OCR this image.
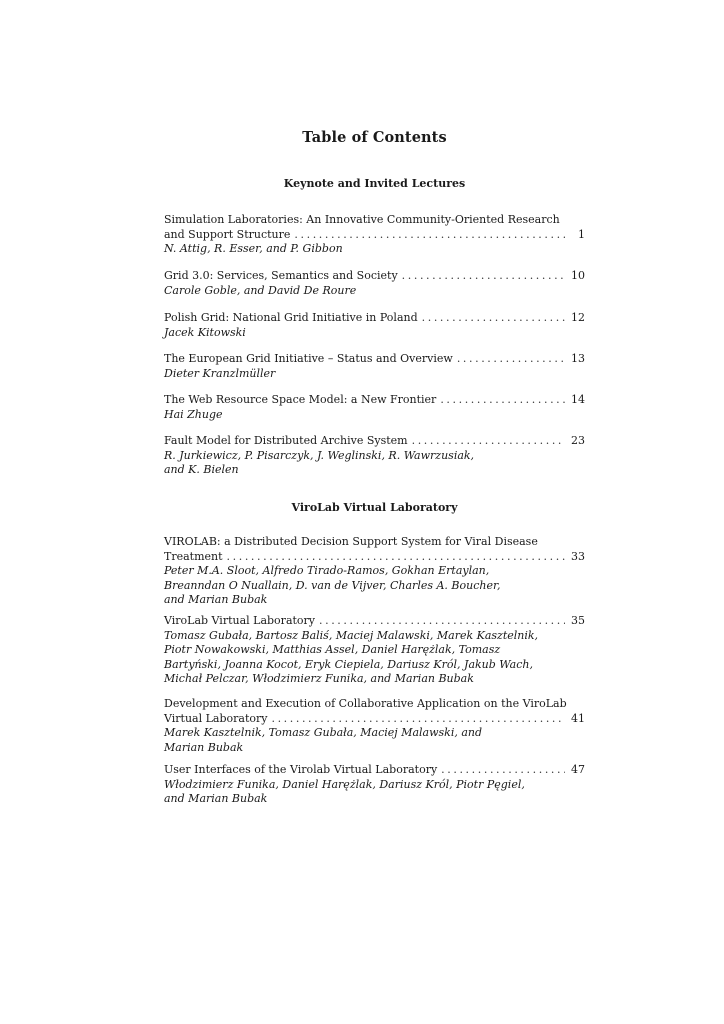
Table of Contents
Keynote and Invited Lectures
Simulation Laboratories: An Innovative Community-Oriented Research
and Support Structure .....	1
N. Attig, R. Esser, and P. Gibbon
Grid 3.0: Services, Semantics and Society .....	10
Carole Goble, and David De Roure
Polish Grid: National Grid Initiative in Poland .....	12
Jacek Kitowski
The European Grid Initiative – Status and Overview .....	13
Dieter Kranzlmüller
The Web Resource Space Model: a New Frontier .....	14
Hai Zhuge
Fault Model for Distributed Archive System .....	23
R. Jurkiewicz, P. Pisarczyk, J. Weglinski, R. Wawrzusiak,
and K. Bielen
ViroLab Virtual Laboratory
VIROLAB: a Distributed Decision Support System for Viral Disease
Treatment .....	33
Peter M.A. Sloot, Alfredo Tirado-Ramos, Gokhan Ertaylan,
Breanndan O Nuallain, D. van de Vijver, Charles A. Boucher,
and Marian Bubak
ViroLab Virtual Laboratory .....	35
Tomasz Gubała, Bartosz Baliś, Maciej Malawski, Marek Kasztelnik,
Piotr Nowakowski, Matthias Assel, Daniel Harężlak, Tomasz
Bartyński, Joanna Kocot, Eryk Ciepiela, Dariusz Król, Jakub Wach,
Michał Pelczar, Włodzimierz Funika, and Marian Bubak
Development and Execution of Collaborative Application on the ViroLab
Virtual Laboratory .....	41
Marek Kasztelnik, Tomasz Gubała, Maciej Malawski, and
Marian Bubak
User Interfaces of the Virolab Virtual Laboratory .....	47
Włodzimierz Funika, Daniel Harężlak, Dariusz Król, Piotr Pęgiel,
and Marian Bubak
